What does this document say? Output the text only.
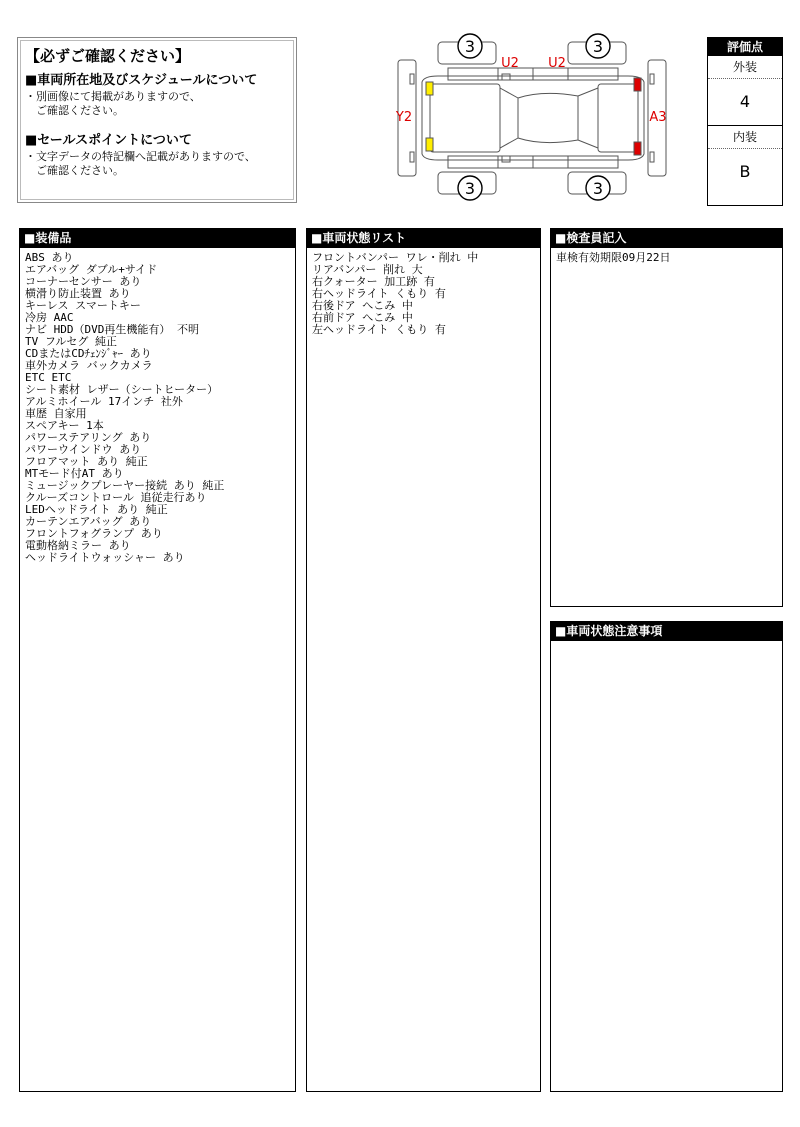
【必ずご確認ください】
■車両所在地及びスケジュールについて
・別画像にて掲載がありますので、
　ご確認ください。
■セールスポイントについて
・文字データの特記欄へ記載がありますので、
　ご確認ください。
3	3
3	3
U2 U2
Y2	A3
評価点
外装
4
内装
B
■装備品
ABS あり
エアバッグ ダブル+サイド
コーナーセンサー あり
横滑り防止装置 あり
キーレス スマートキー
冷房 AAC
ナビ HDD（DVD再生機能有） 不明
TV フルセグ 純正
CDまたはCDﾁｪﾝｼﾞｬｰ あり
車外カメラ バックカメラ
ETC ETC
シート素材 レザー（シートヒーター）
アルミホイール 17インチ 社外
車歴 自家用
スペアキー 1本
パワーステアリング あり
パワーウインドウ あり
フロアマット あり 純正
MTモード付AT あり
ミュージックプレーヤー接続 あり 純正
クルーズコントロール 追従走行あり
LEDヘッドライト あり 純正
カーテンエアバッグ あり
フロントフォグランプ あり
電動格納ミラー あり
ヘッドライトウォッシャー あり
■車両状態リスト
フロントバンパー ワレ・削れ 中
リアバンパー 削れ 大
右クォーター 加工跡 有
右ヘッドライト くもり 有
右後ドア へこみ 中
右前ドア へこみ 中
左ヘッドライト くもり 有
■検査員記入
車検有効期限09月22日
■車両状態注意事項
